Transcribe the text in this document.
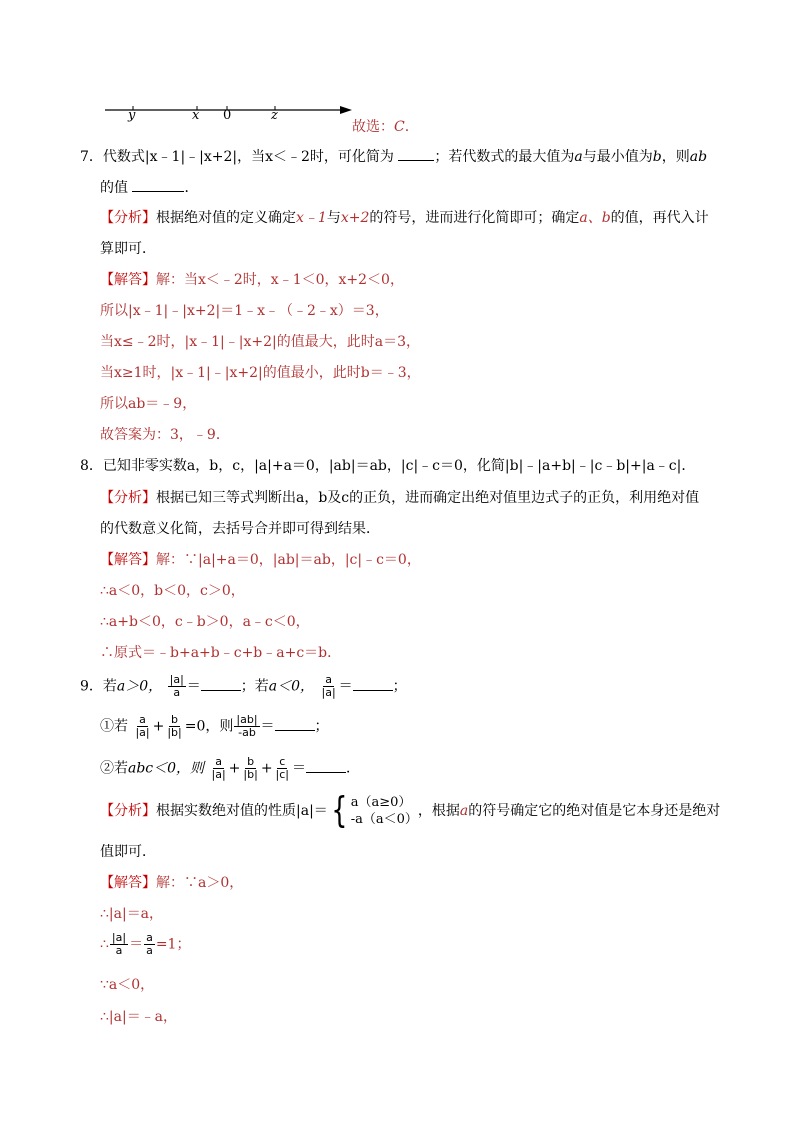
y	x 0	z
故选：C.
7．代数式|x﹣1|﹣|x+2|，当x＜﹣2时，可化简为	；若代数式的最大值为a与最小值为b，则ab
的值	．
【分析】根据绝对值的定义确定x﹣1与x+2的符号，进而进行化简即可；确定a、b的值，再代入计
算即可．
【解答】解：当x＜﹣2时，x﹣1＜0，x+2＜0，
所以|x﹣1|﹣|x+2|＝1﹣x﹣（﹣2﹣x）＝3，
当x≤﹣2时，|x﹣1|﹣|x+2|的值最大，此时a＝3，
当x≥1时，|x﹣1|﹣|x+2|的值最小，此时b＝﹣3，
所以ab＝﹣9，
故答案为：3，﹣9．
8．已知非零实数a，b，c，|a|+a＝0，|ab|＝ab，|c|﹣c＝0，化简|b|﹣|a+b|﹣|c﹣b|+|a﹣c|．
【分析】根据已知三等式判断出a，b及c的正负，进而确定出绝对值里边式子的正负，利用绝对值
的代数意义化简，去括号合并即可得到结果．
【解答】解：∵|a|+a＝0，|ab|＝ab，|c|﹣c＝0，
∴a＜0，b＜0，c＞0，
∴a+b＜0，c﹣b＞0，a﹣c＜0，
∴原式＝﹣b+a+b﹣c+b﹣a+c＝b．
9．若a＞0， $\frac{|a|}{a}$ ＝	；若a＜0， $\frac{a}{|a|}$ ＝	；
①若 $\frac{a}{|a|} + \frac{b}{|b|} =0$，则 $\frac{|ab|}{-ab}$ ＝	；
②若abc＜0，则 $\frac{a}{|a|} + \frac{b}{|b|} + \frac{c}{|c|}$ ＝	．
【分析】根据实数绝对值的性质|a|＝{ a（a≥0）
-a（a＜0）
，根据a的符号确定它的绝对值是它本身还是绝对
值即可．
【解答】解：∵a＞0，
∴|a|＝a，
∴ $\frac{|a|}{a} = \frac{a}{a} =1$；
∵a＜0，
∴|a|＝﹣a，
